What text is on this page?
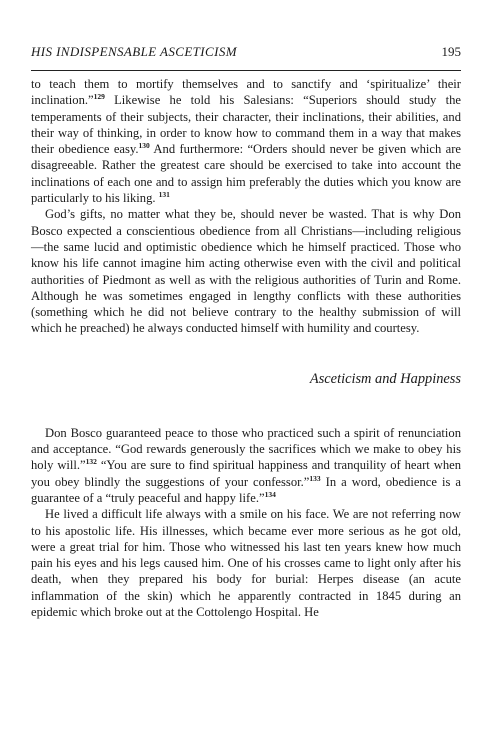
HIS INDISPENSABLE ASCETICISM	195

to teach them to mortify themselves and to sanctify and ‘spiritualize’ their inclination.”$^{129}$ Likewise he told his Salesians: “Superiors should study the temperaments of their subjects, their character, their inclinations, their abilities, and their way of thinking, in order to know how to command them in a way that makes their obedience easy.$^{130}$ And furthermore: “Orders should never be given which are disagreeable. Rather the greatest care should be exercised to take into account the inclinations of each one and to assign him preferably the duties which you know are particularly to his liking. $^{131}$

God’s gifts, no matter what they be, should never be wasted. That is why Don Bosco expected a conscientious obedience from all Christians—including religious—the same lucid and optimistic obedience which he himself practiced. Those who know his life cannot imagine him acting otherwise even with the civil and political authorities of Piedmont as well as with the religious authorities of Turin and Rome. Although he was sometimes engaged in lengthy conflicts with these authorities (something which he did not believe contrary to the healthy submission of will which he preached) he always conducted himself with humility and courtesy.

Asceticism and Happiness

Don Bosco guaranteed peace to those who practiced such a spirit of renunciation and acceptance. “God rewards generously the sacrifices which we make to obey his holy will.”$^{132}$ “You are sure to find spiritual happiness and tranquility of heart when you obey blindly the suggestions of your confessor.”$^{133}$ In a word, obedience is a guarantee of a “truly peaceful and happy life.”$^{134}$

He lived a difficult life always with a smile on his face. We are not referring now to his apostolic life. His illnesses, which became ever more serious as he got old, were a great trial for him. Those who witnessed his last ten years knew how much pain his eyes and his legs caused him. One of his crosses came to light only after his death, when they prepared his body for burial: Herpes disease (an acute inflammation of the skin) which he apparently contracted in 1845 during an epidemic which broke out at the Cottolengo Hospital. He
